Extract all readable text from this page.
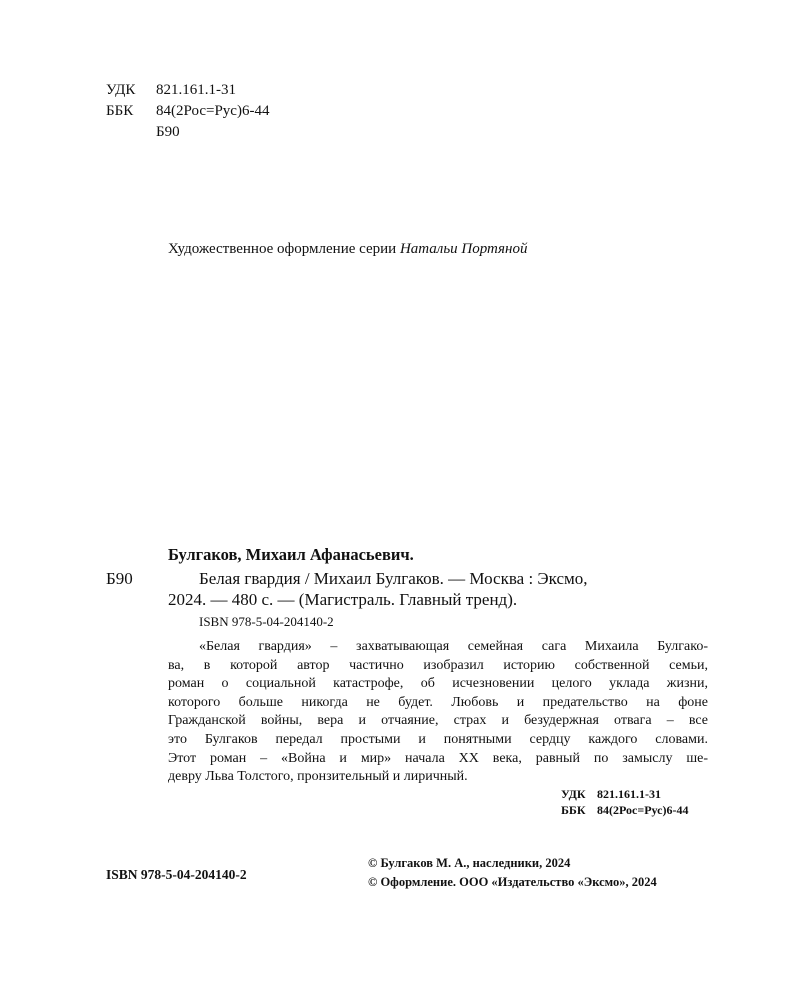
УДК 821.161.1-31
ББК 84(2Рос=Рус)6-44
Б90
Художественное оформление серии Натальи Портяной
Булгаков, Михаил Афанасьевич.
Б90	Белая гвардия / Михаил Булгаков. — Москва : Эксмо,
2024. — 480 с. — (Магистраль. Главный тренд).
ISBN 978-5-04-204140-2
«Белая гвардия» – захватывающая семейная сага Михаила Булгако-
ва, в которой автор частично изобразил историю собственной семьи,
роман о социальной катастрофе, об исчезновении целого уклада жизни,
которого больше никогда не будет. Любовь и предательство на фоне
Гражданской войны, вера и отчаяние, страх и безудержная отвага – все
это Булгаков передал простыми и понятными сердцу каждого словами.
Этот роман – «Война и мир» начала XX века, равный по замыслу ше-
девру Льва Толстого, пронзительный и лиричный.
УДК 821.161.1-31
ББК 84(2Рос=Рус)6-44
ISBN 978-5-04-204140-2
© Булгаков М. А., наследники, 2024
© Оформление. ООО «Издательство «Эксмо», 2024
